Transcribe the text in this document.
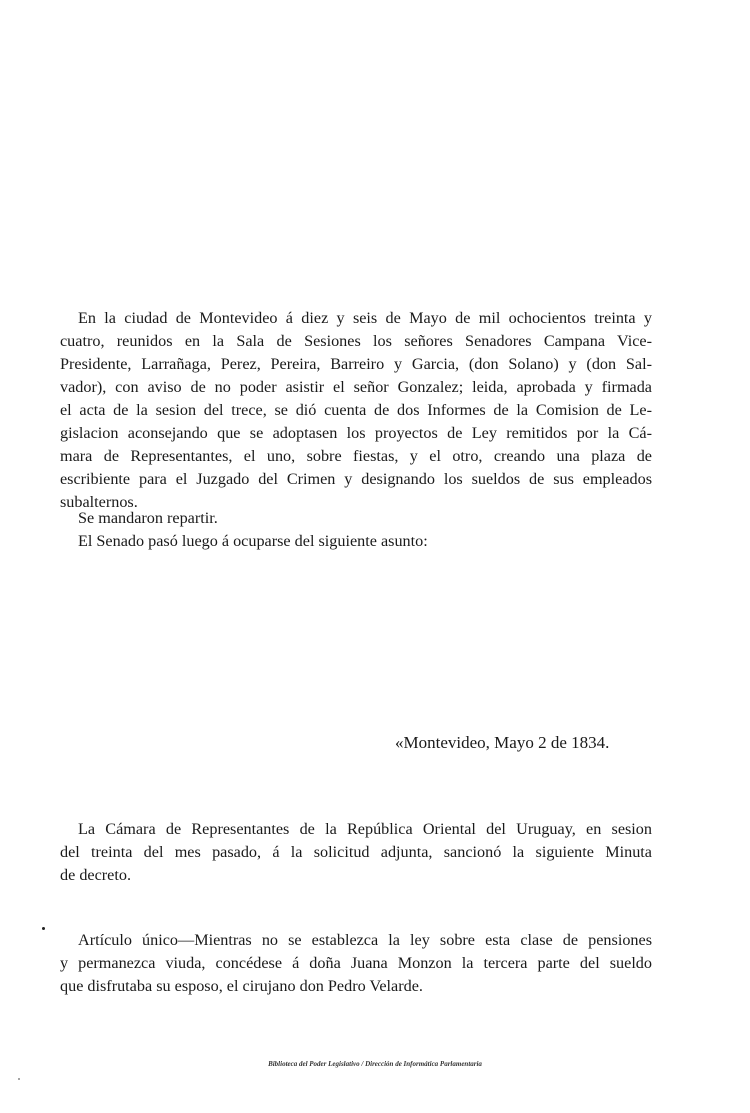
En la ciudad de Montevideo á diez y seis de Mayo de mil ochocientos treinta y
cuatro, reunidos en la Sala de Sesiones los señores Senadores Campana Vice-
Presidente, Larrañaga, Perez, Pereira, Barreiro y Garcia, (don Solano) y (don Sal-
vador), con aviso de no poder asistir el señor Gonzalez; leida, aprobada y firmada
el acta de la sesion del trece, se dió cuenta de dos Informes de la Comision de Le-
gislacion aconsejando que se adoptasen los proyectos de Ley remitidos por la Cá-
mara de Representantes, el uno, sobre fiestas, y el otro, creando una plaza de
escribiente para el Juzgado del Crimen y designando los sueldos de sus empleados
subalternos.
Se mandaron repartir.
El Senado pasó luego á ocuparse del siguiente asunto:
«Montevideo, Mayo 2 de 1834.
La Cámara de Representantes de la República Oriental del Uruguay, en sesion
del treinta del mes pasado, á la solicitud adjunta, sancionó la siguiente Minuta
de decreto.
Artículo único—Mientras no se establezca la ley sobre esta clase de pensiones
y permanezca viuda, concédese á doña Juana Monzon la tercera parte del sueldo
que disfrutaba su esposo, el cirujano don Pedro Velarde.
Biblioteca del Poder Legislativo / Dirección de Informática Parlamentaria
